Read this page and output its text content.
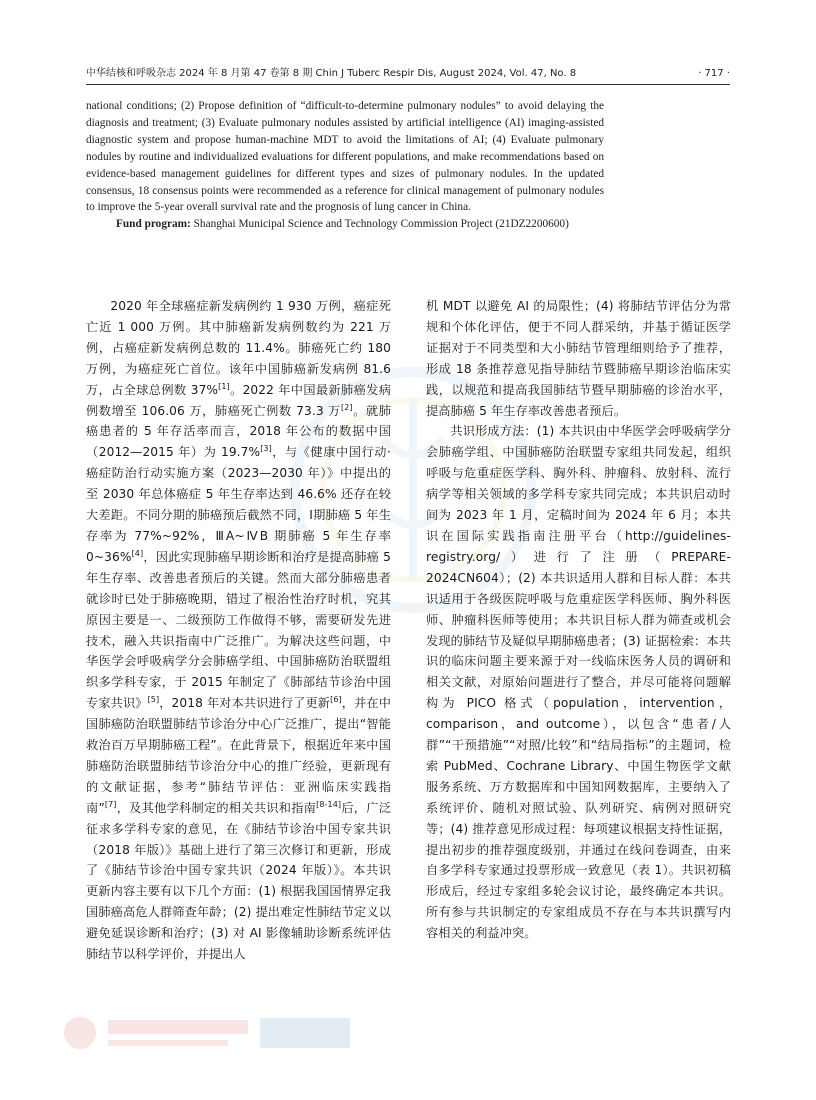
中华结核和呼吸杂志 2024 年 8 月第 47 卷第 8 期 Chin J Tuberc Respir Dis, August 2024, Vol. 47, No. 8	· 717 ·

national conditions; (2) Propose definition of “difficult-to-determine pulmonary nodules” to avoid delaying the diagnosis and treatment; (3) Evaluate pulmonary nodules assisted by artificial intelligence (AI) imaging-assisted diagnostic system and propose human-machine MDT to avoid the limitations of AI; (4) Evaluate pulmonary nodules by routine and individualized evaluations for different populations, and make recommendations based on evidence-based management guidelines for different types and sizes of pulmonary nodules. In the updated consensus, 18 consensus points were recommended as a reference for clinical management of pulmonary nodules to improve the 5-year overall survival rate and the prognosis of lung cancer in China.

Fund program: Shanghai Municipal Science and Technology Commission Project (21DZ2200600)

2020 年全球癌症新发病例约 1 930 万例，癌症死亡近 1 000 万例。其中肺癌新发病例数约为 221 万例，占癌症新发病例总数的 11.4%。肺癌死亡约 180 万例，为癌症死亡首位。该年中国肺癌新发病例 81.6 万，占全球总例数 37%[1]。2022 年中国最新肺癌发病例数增至 106.06 万，肺癌死亡例数 73.3 万[2]。就肺癌患者的 5 年存活率而言，2018 年公布的数据中国（2012—2015 年）为 19.7%[3]，与《健康中国行动·癌症防治行动实施方案（2023—2030 年）》中提出的至 2030 年总体癌症 5 年生存率达到 46.6% 还存在较大差距。不同分期的肺癌预后截然不同，Ⅰ期肺癌 5 年生存率为 77%~92%，ⅢA~ⅣB 期肺癌 5 年生存率 0~36%[4]，因此实现肺癌早期诊断和治疗是提高肺癌 5 年生存率、改善患者预后的关键。然而大部分肺癌患者就诊时已处于肺癌晚期，错过了根治性治疗时机，究其原因主要是一、二级预防工作做得不够，需要研发先进技术，融入共识指南中广泛推广。为解决这些问题，中华医学会呼吸病学分会肺癌学组、中国肺癌防治联盟组织多学科专家，于 2015 年制定了《肺部结节诊治中国专家共识》[5]，2018 年对本共识进行了更新[6]，并在中国肺癌防治联盟肺结节诊治分中心广泛推广，提出“智能救治百万早期肺癌工程”。在此背景下，根据近年来中国肺癌防治联盟肺结节诊治分中心的推广经验，更新现有的文献证据，参考“肺结节评估：亚洲临床实践指南”[7]，及其他学科制定的相关共识和指南[8-14]后，广泛征求多学科专家的意见，在《肺结节诊治中国专家共识（2018 年版）》基础上进行了第三次修订和更新，形成了《肺结节诊治中国专家共识（2024 年版）》。本共识更新内容主要有以下几个方面：(1) 根据我国国情界定我国肺癌高危人群筛查年龄；(2) 提出难定性肺结节定义以避免延误诊断和治疗；(3) 对 AI 影像辅助诊断系统评估肺结节以科学评价，并提出人

机 MDT 以避免 AI 的局限性；(4) 将肺结节评估分为常规和个体化评估，便于不同人群采纳，并基于循证医学证据对于不同类型和大小肺结节管理细则给予了推荐，形成 18 条推荐意见指导肺结节暨肺癌早期诊治临床实践，以规范和提高我国肺结节暨早期肺癌的诊治水平，提高肺癌 5 年生存率改善患者预后。

共识形成方法：(1) 本共识由中华医学会呼吸病学分会肺癌学组、中国肺癌防治联盟专家组共同发起，组织呼吸与危重症医学科、胸外科、肿瘤科、放射科、流行病学等相关领域的多学科专家共同完成；本共识启动时间为 2023 年 1 月，定稿时间为 2024 年 6 月；本共识在国际实践指南注册平台（http://guidelines-registry.org/）进行了注册（PREPARE-2024CN604）；(2) 本共识适用人群和目标人群：本共识适用于各级医院呼吸与危重症医学科医师、胸外科医师、肿瘤科医师等使用；本共识目标人群为筛查或机会发现的肺结节及疑似早期肺癌患者；(3) 证据检索：本共识的临床问题主要来源于对一线临床医务人员的调研和相关文献，对原始问题进行了整合，并尽可能将问题解构为 PICO 格式（population，intervention，comparison，and outcome），以包含“患者/人群”“干预措施”“对照/比较”和“结局指标”的主题词，检索 PubMed、Cochrane Library、中国生物医学文献服务系统、万方数据库和中国知网数据库，主要纳入了系统评价、随机对照试验、队列研究、病例对照研究等；(4) 推荐意见形成过程：每项建议根据支持性证据，提出初步的推荐强度级别，并通过在线问卷调查，由来自多学科专家通过投票形成一致意见（表 1）。共识初稿形成后，经过专家组多轮会议讨论，最终确定本共识。所有参与共识制定的专家组成员不存在与本共识撰写内容相关的利益冲突。
